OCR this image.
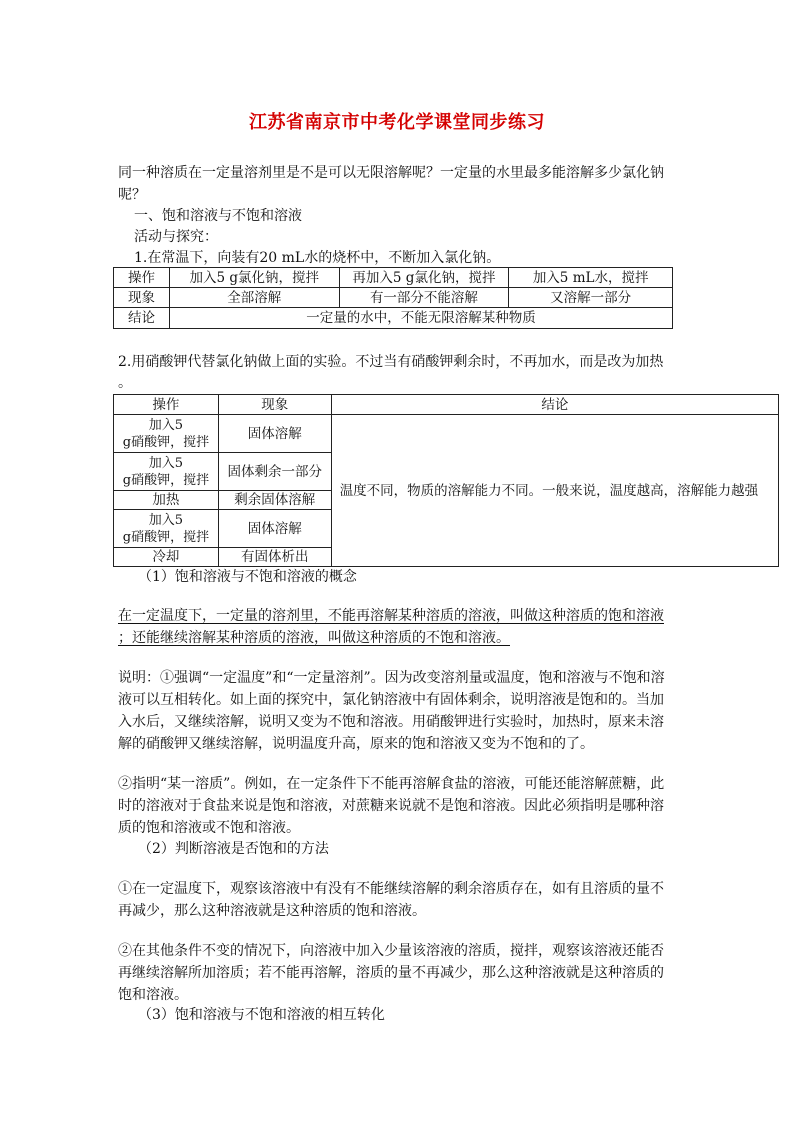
江苏省南京市中考化学课堂同步练习
同一种溶质在一定量溶剂里是不是可以无限溶解呢？一定量的水里最多能溶解多少氯化钠
呢？
一、饱和溶液与不饱和溶液
活动与探究：
1.在常温下，向装有20 mL水的烧杯中，不断加入氯化钠。
操作	加入5 g氯化钠，搅拌	再加入5 g氯化钠，搅拌	加入5 mL水，搅拌
现象	全部溶解	有一部分不能溶解	又溶解一部分
结论	一定量的水中，不能无限溶解某种物质		
2.用硝酸钾代替氯化钠做上面的实验。不过当有硝酸钾剩余时，不再加水，而是改为加热
。
操作	现象	结论

加入5
g硝酸钾，搅拌	固体溶解	温度不同，物质的溶解能力不同。一般来说，温度越高，溶解能力越强

加入5
g硝酸钾，搅拌	固体剩余一部分	
加热	剩余固体溶解	

加入5
g硝酸钾，搅拌	固体溶解	
冷却	有固体析出	
（1）饱和溶液与不饱和溶液的概念
在一定温度下，一定量的溶剂里，不能再溶解某种溶质的溶液，叫做这种溶质的饱和溶液
；还能继续溶解某种溶质的溶液，叫做这种溶质的不饱和溶液。
说明：①强调“一定温度”和“一定量溶剂”。因为改变溶剂量或温度，饱和溶液与不饱和溶
液可以互相转化。如上面的探究中，氯化钠溶液中有固体剩余，说明溶液是饱和的。当加
入水后，又继续溶解，说明又变为不饱和溶液。用硝酸钾进行实验时，加热时，原来未溶
解的硝酸钾又继续溶解，说明温度升高，原来的饱和溶液又变为不饱和的了。
②指明“某一溶质”。例如，在一定条件下不能再溶解食盐的溶液，可能还能溶解蔗糖，此
时的溶液对于食盐来说是饱和溶液，对蔗糖来说就不是饱和溶液。因此必须指明是哪种溶
质的饱和溶液或不饱和溶液。
（2）判断溶液是否饱和的方法
①在一定温度下，观察该溶液中有没有不能继续溶解的剩余溶质存在，如有且溶质的量不
再减少，那么这种溶液就是这种溶质的饱和溶液。
②在其他条件不变的情况下，向溶液中加入少量该溶液的溶质，搅拌，观察该溶液还能否
再继续溶解所加溶质；若不能再溶解，溶质的量不再减少，那么这种溶液就是这种溶质的
饱和溶液。
（3）饱和溶液与不饱和溶液的相互转化
